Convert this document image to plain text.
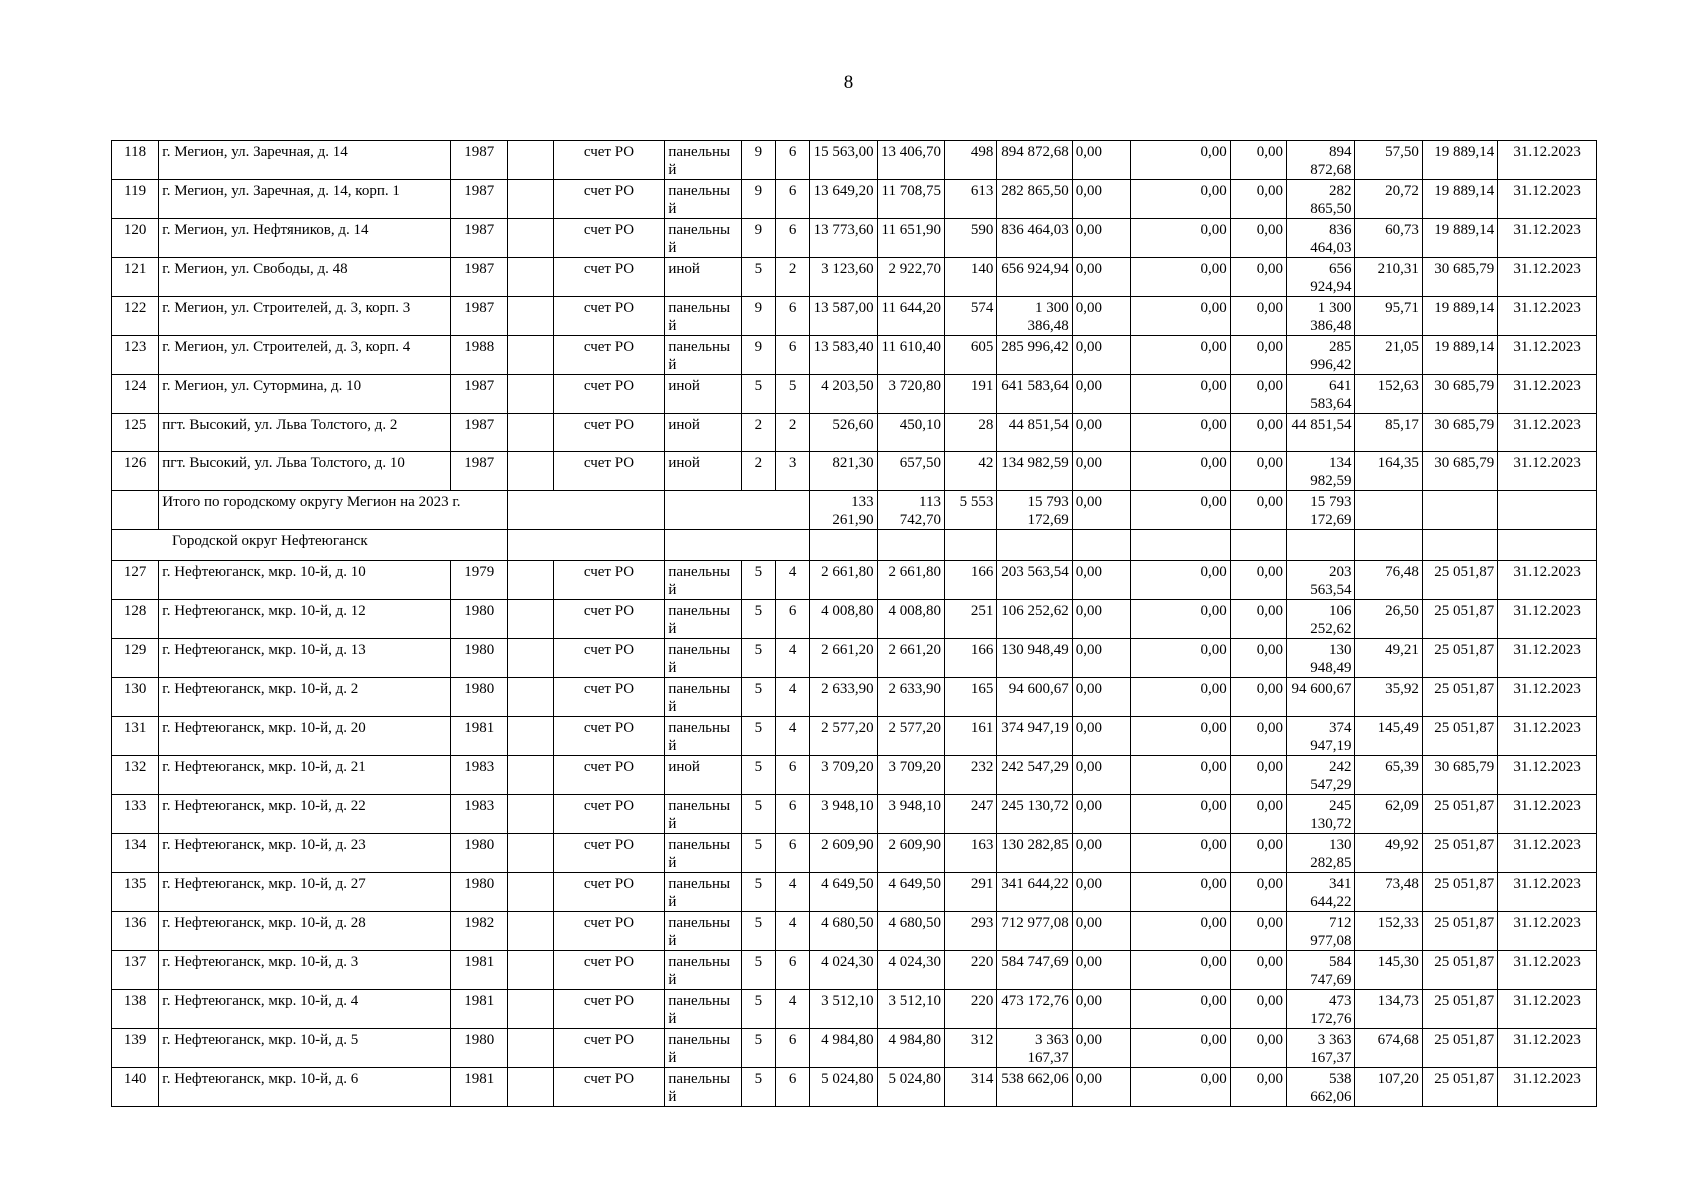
8
118	г. Мегион, ул. Заречная, д. 14	1987		счет РО	панельный	9	6	15 563,00	13 406,70	498	894 872,68	0,00	0,00	0,00	894 872,68	57,50	19 889,14	31.12.2023
119	г. Мегион, ул. Заречная, д. 14, корп. 1	1987		счет РО	панельный	9	6	13 649,20	11 708,75	613	282 865,50	0,00	0,00	0,00	282 865,50	20,72	19 889,14	31.12.2023
120	г. Мегион, ул. Нефтяников, д. 14	1987		счет РО	панельный	9	6	13 773,60	11 651,90	590	836 464,03	0,00	0,00	0,00	836 464,03	60,73	19 889,14	31.12.2023
121	г. Мегион, ул. Свободы, д. 48	1987		счет РО	иной	5	2	3 123,60	2 922,70	140	656 924,94	0,00	0,00	0,00	656 924,94	210,31	30 685,79	31.12.2023
122	г. Мегион, ул. Строителей, д. 3, корп. 3	1987		счет РО	панельный	9	6	13 587,00	11 644,20	574	1 300 386,48	0,00	0,00	0,00	1 300 386,48	95,71	19 889,14	31.12.2023
123	г. Мегион, ул. Строителей, д. 3, корп. 4	1988		счет РО	панельный	9	6	13 583,40	11 610,40	605	285 996,42	0,00	0,00	0,00	285 996,42	21,05	19 889,14	31.12.2023
124	г. Мегион, ул. Сутормина, д. 10	1987		счет РО	иной	5	5	4 203,50	3 720,80	191	641 583,64	0,00	0,00	0,00	641 583,64	152,63	30 685,79	31.12.2023
125	пгт. Высокий, ул. Льва Толстого, д. 2	1987		счет РО	иной	2	2	526,60	450,10	28	44 851,54	0,00	0,00	0,00	44 851,54	85,17	30 685,79	31.12.2023
126	пгт. Высокий, ул. Льва Толстого, д. 10	1987		счет РО	иной	2	3	821,30	657,50	42	134 982,59	0,00	0,00	0,00	134 982,59	164,35	30 685,79	31.12.2023
	Итого по городскому округу Мегион на 2023 г.							133 261,90	113 742,70	5 553	15 793 172,69	0,00	0,00	0,00	15 793 172,69			
Городской округ Нефтеюганск																		
127	г. Нефтеюганск, мкр. 10-й, д. 10	1979		счет РО	панельный	5	4	2 661,80	2 661,80	166	203 563,54	0,00	0,00	0,00	203 563,54	76,48	25 051,87	31.12.2023
128	г. Нефтеюганск, мкр. 10-й, д. 12	1980		счет РО	панельный	5	6	4 008,80	4 008,80	251	106 252,62	0,00	0,00	0,00	106 252,62	26,50	25 051,87	31.12.2023
129	г. Нефтеюганск, мкр. 10-й, д. 13	1980		счет РО	панельный	5	4	2 661,20	2 661,20	166	130 948,49	0,00	0,00	0,00	130 948,49	49,21	25 051,87	31.12.2023
130	г. Нефтеюганск, мкр. 10-й, д. 2	1980		счет РО	панельный	5	4	2 633,90	2 633,90	165	94 600,67	0,00	0,00	0,00	94 600,67	35,92	25 051,87	31.12.2023
131	г. Нефтеюганск, мкр. 10-й, д. 20	1981		счет РО	панельный	5	4	2 577,20	2 577,20	161	374 947,19	0,00	0,00	0,00	374 947,19	145,49	25 051,87	31.12.2023
132	г. Нефтеюганск, мкр. 10-й, д. 21	1983		счет РО	иной	5	6	3 709,20	3 709,20	232	242 547,29	0,00	0,00	0,00	242 547,29	65,39	30 685,79	31.12.2023
133	г. Нефтеюганск, мкр. 10-й, д. 22	1983		счет РО	панельный	5	6	3 948,10	3 948,10	247	245 130,72	0,00	0,00	0,00	245 130,72	62,09	25 051,87	31.12.2023
134	г. Нефтеюганск, мкр. 10-й, д. 23	1980		счет РО	панельный	5	6	2 609,90	2 609,90	163	130 282,85	0,00	0,00	0,00	130 282,85	49,92	25 051,87	31.12.2023
135	г. Нефтеюганск, мкр. 10-й, д. 27	1980		счет РО	панельный	5	4	4 649,50	4 649,50	291	341 644,22	0,00	0,00	0,00	341 644,22	73,48	25 051,87	31.12.2023
136	г. Нефтеюганск, мкр. 10-й, д. 28	1982		счет РО	панельный	5	4	4 680,50	4 680,50	293	712 977,08	0,00	0,00	0,00	712 977,08	152,33	25 051,87	31.12.2023
137	г. Нефтеюганск, мкр. 10-й, д. 3	1981		счет РО	панельный	5	6	4 024,30	4 024,30	220	584 747,69	0,00	0,00	0,00	584 747,69	145,30	25 051,87	31.12.2023
138	г. Нефтеюганск, мкр. 10-й, д. 4	1981		счет РО	панельный	5	4	3 512,10	3 512,10	220	473 172,76	0,00	0,00	0,00	473 172,76	134,73	25 051,87	31.12.2023
139	г. Нефтеюганск, мкр. 10-й, д. 5	1980		счет РО	панельный	5	6	4 984,80	4 984,80	312	3 363 167,37	0,00	0,00	0,00	3 363 167,37	674,68	25 051,87	31.12.2023
140	г. Нефтеюганск, мкр. 10-й, д. 6	1981		счет РО	панельный	5	6	5 024,80	5 024,80	314	538 662,06	0,00	0,00	0,00	538 662,06	107,20	25 051,87	31.12.2023
